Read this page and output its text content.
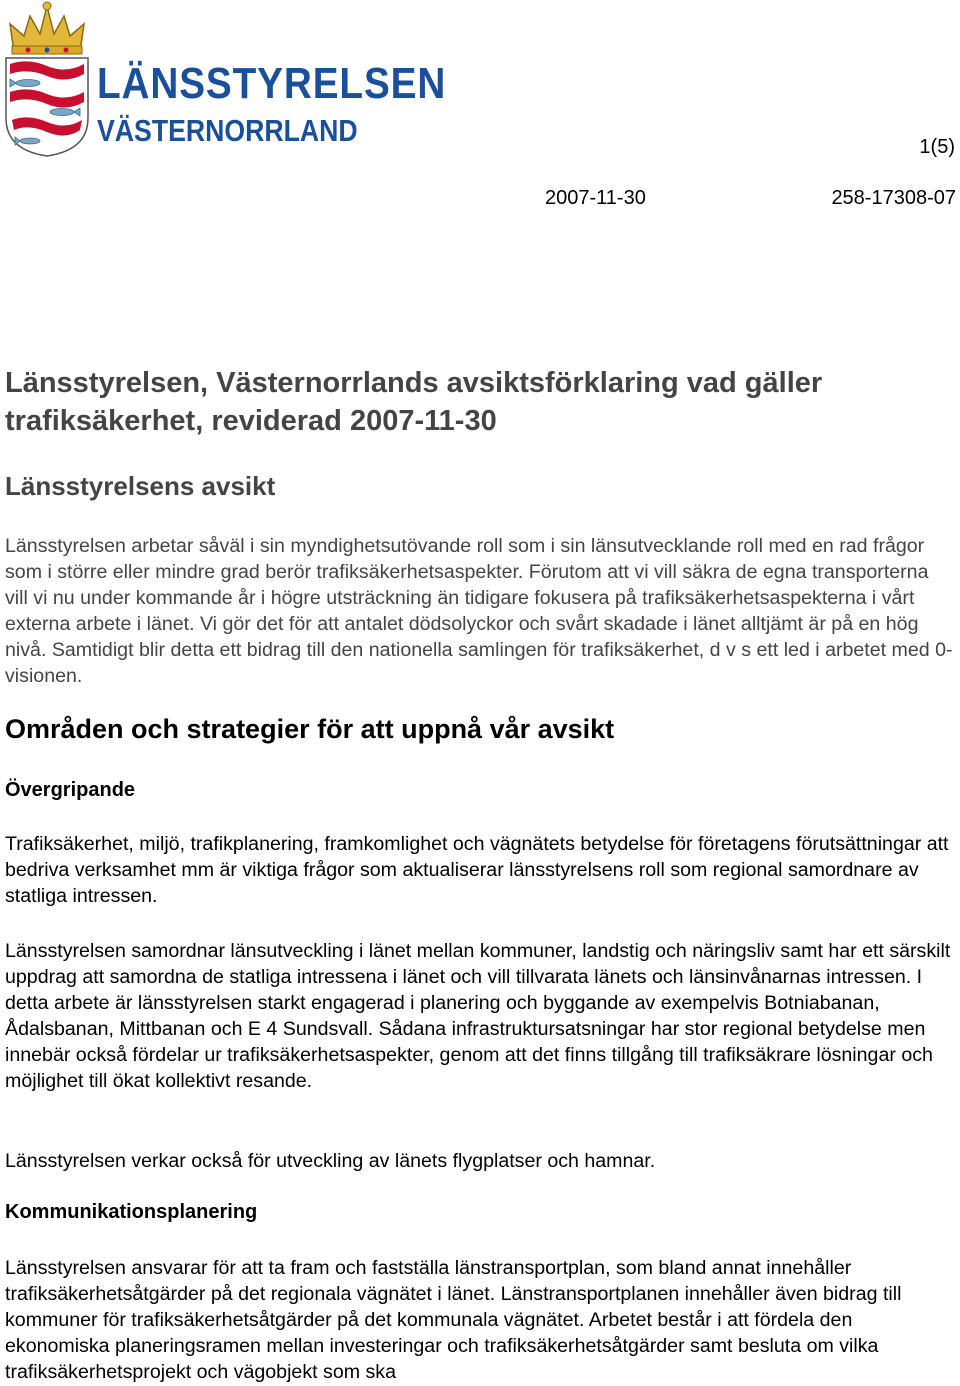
LÄNSSTYRELSEN
VÄSTERNORRLAND	1(5)
2007-11-30	258-17308-07
Länsstyrelsen, Västernorrlands avsiktsförklaring vad gäller trafiksäkerhet, reviderad 2007-11-30
Länsstyrelsens avsikt

Länsstyrelsen arbetar såväl i sin myndighetsutövande roll som i sin länsutvecklande roll med en rad frågor som i större eller mindre grad berör trafiksäkerhetsaspekter. Förutom att vi vill säkra de egna transporterna vill vi nu under kommande år i högre utsträckning än tidigare fokusera på trafiksäkerhetsaspekterna i vårt externa arbete i länet. Vi gör det för att antalet dödsolyckor och svårt skadade i länet alltjämt är på en hög nivå. Samtidigt blir detta ett bidrag till den nationella samlingen för trafiksäkerhet, d v s ett led i arbetet med 0-visionen.

Områden och strategier för att uppnå vår avsikt
Övergripande

Trafiksäkerhet, miljö, trafikplanering, framkomlighet och vägnätets betydelse för företagens förutsättningar att bedriva verksamhet mm är viktiga frågor som aktualiserar länsstyrelsens roll som regional samordnare av statliga intressen.

Länsstyrelsen samordnar länsutveckling i länet mellan kommuner, landstig och näringsliv samt har ett särskilt uppdrag att samordna de statliga intressena i länet och vill tillvarata länets och länsinvånarnas intressen. I detta arbete är länsstyrelsen starkt engagerad i planering och byggande av exempelvis Botniabanan, Ådalsbanan, Mittbanan och E 4 Sundsvall. Sådana infrastruktursatsningar har stor regional betydelse men innebär också fördelar ur trafiksäkerhetsaspekter, genom att det finns tillgång till trafiksäkrare lösningar och möjlighet till ökat kollektivt resande.

Länsstyrelsen verkar också för utveckling av länets flygplatser och hamnar.

Kommunikationsplanering

Länsstyrelsen ansvarar för att ta fram och fastställa länstransportplan, som bland annat innehåller trafiksäkerhetsåtgärder på det regionala vägnätet i länet. Länstransportplanen innehåller även bidrag till kommuner för trafiksäkerhetsåtgärder på det kommunala vägnätet. Arbetet består i att fördela den ekonomiska planeringsramen mellan investeringar och trafiksäkerhetsåtgärder samt besluta om vilka trafiksäkerhetsprojekt och vägobjekt som ska
